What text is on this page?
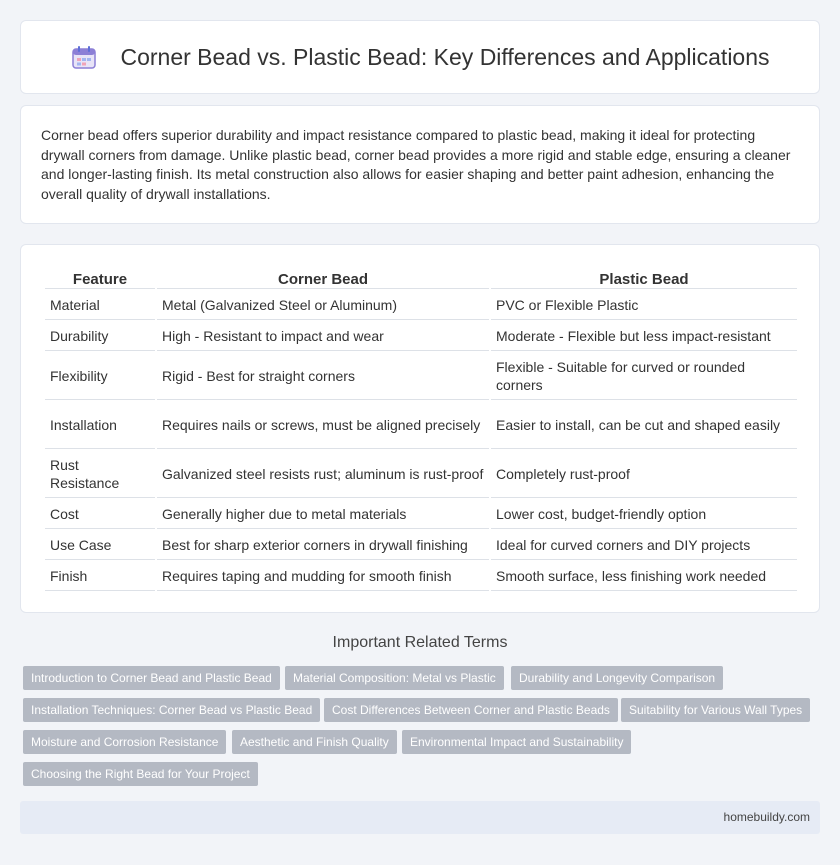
Corner Bead vs. Plastic Bead: Key Differences and Applications

Corner bead offers superior durability and impact resistance compared to plastic bead, making it ideal for protecting drywall corners from damage. Unlike plastic bead, corner bead provides a more rigid and stable edge, ensuring a cleaner and longer-lasting finish. Its metal construction also allows for easier shaping and better paint adhesion, enhancing the overall quality of drywall installations.

Feature	Corner Bead	Plastic Bead
Material	Metal (Galvanized Steel or Aluminum)	PVC or Flexible Plastic
Durability	High - Resistant to impact and wear	Moderate - Flexible but less impact-resistant
Flexibility	Rigid - Best for straight corners	Flexible - Suitable for curved or rounded corners
Installation	Requires nails or screws, must be aligned precisely	Easier to install, can be cut and shaped easily
Rust Resistance	Galvanized steel resists rust; aluminum is rust-proof	Completely rust-proof
Cost	Generally higher due to metal materials	Lower cost, budget-friendly option
Use Case	Best for sharp exterior corners in drywall finishing	Ideal for curved corners and DIY projects
Finish	Requires taping and mudding for smooth finish	Smooth surface, less finishing work needed
Important Related Terms
Introduction to Corner Bead and Plastic Bead	Material Composition: Metal vs Plastic	Durability and Longevity Comparison
Installation Techniques: Corner Bead vs Plastic Bead	Cost Differences Between Corner and Plastic Beads	Suitability for Various Wall Types
Moisture and Corrosion Resistance	Aesthetic and Finish Quality	Environmental Impact and Sustainability
Choosing the Right Bead for Your Project
homebuildy.com
